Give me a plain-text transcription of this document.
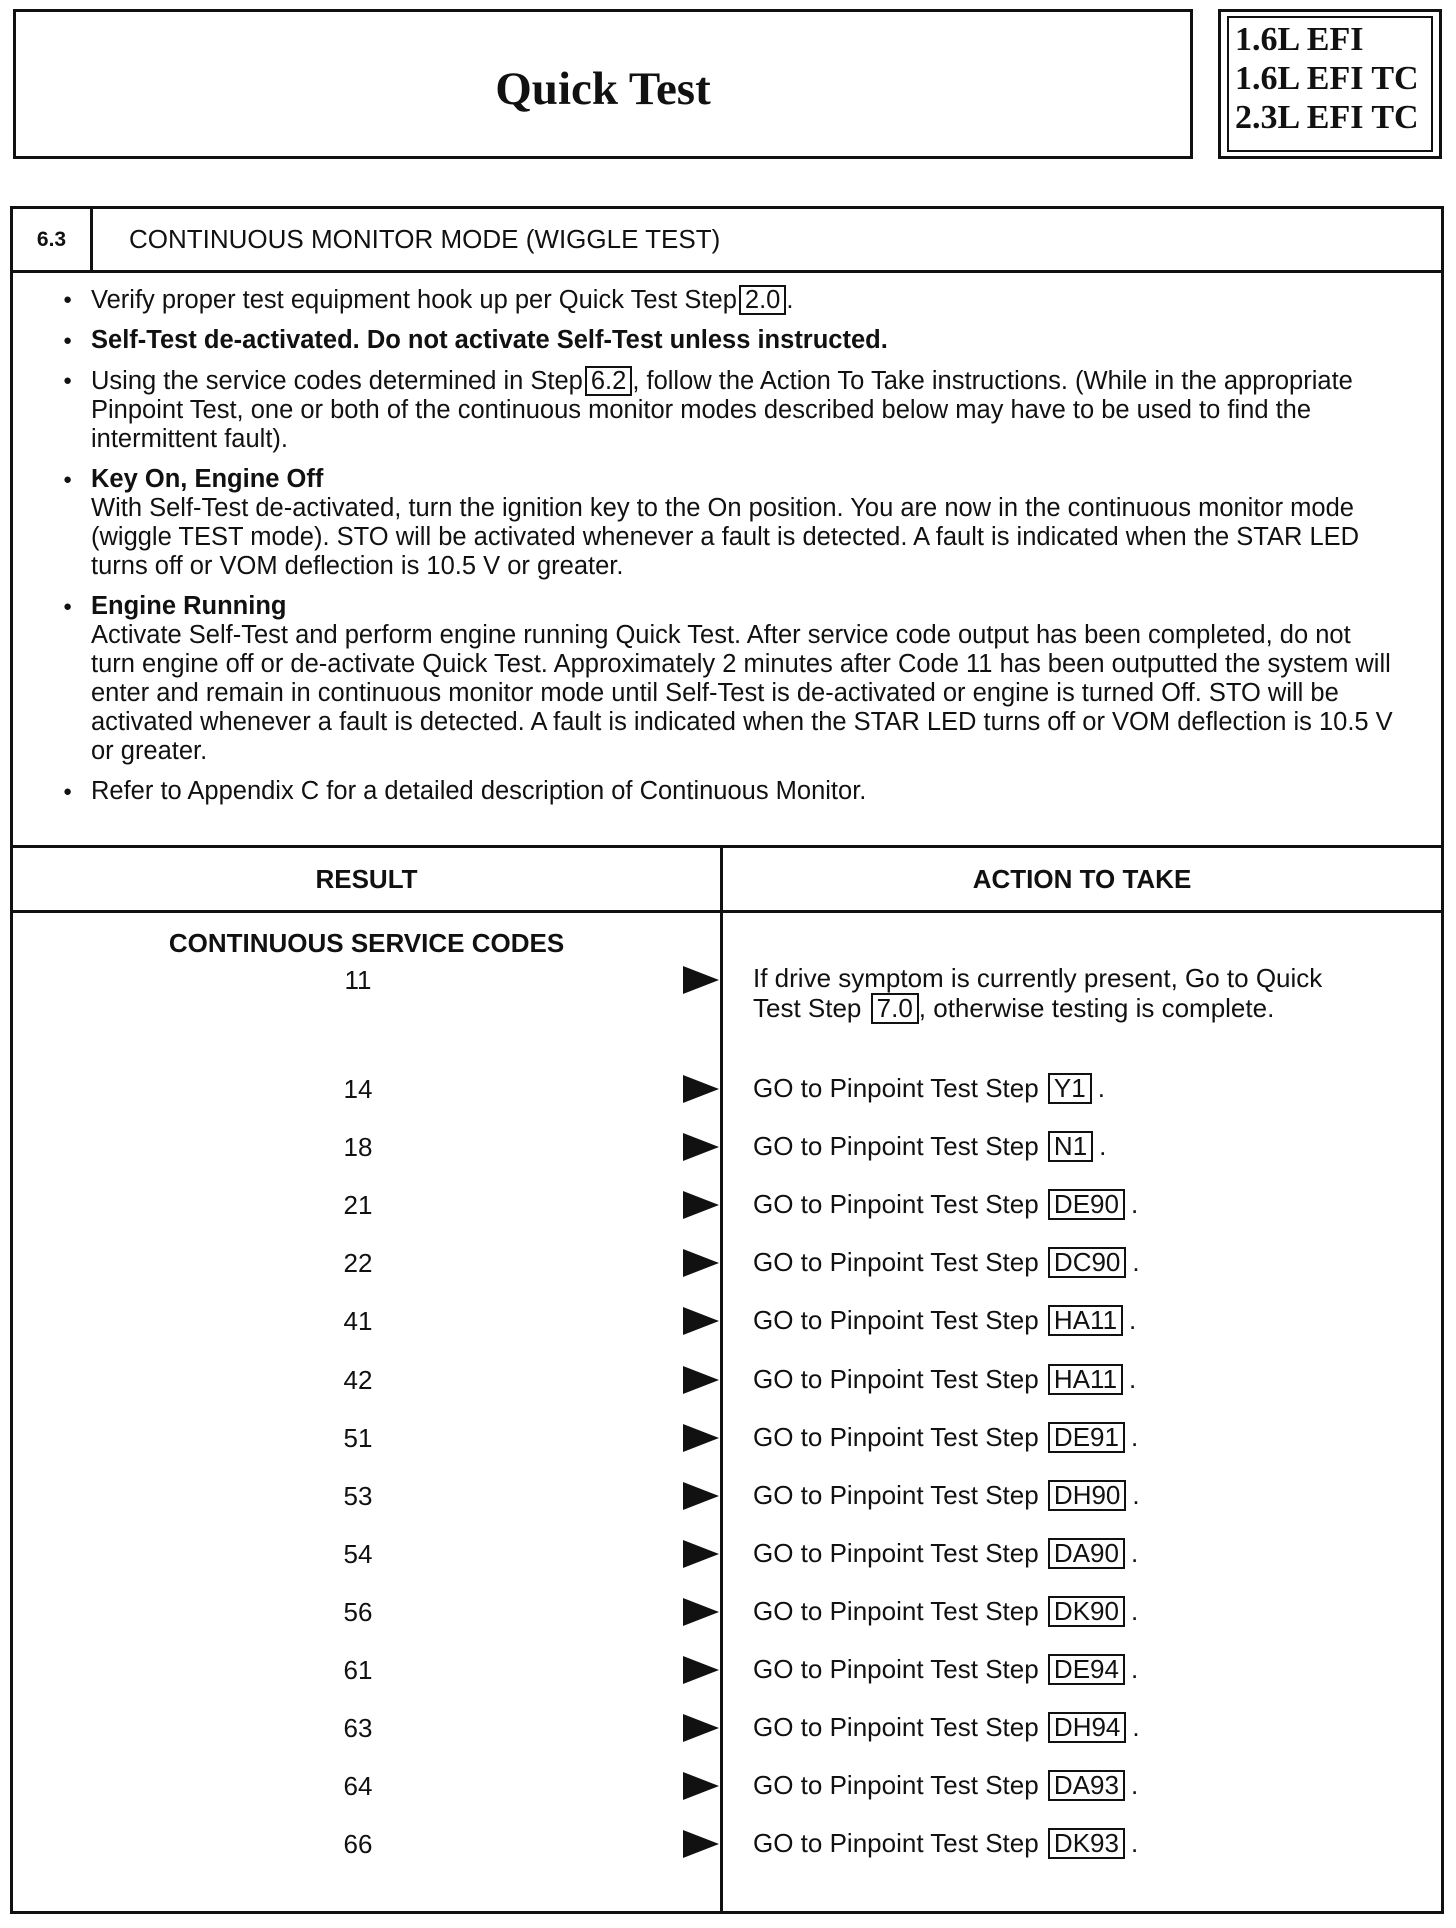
Quick Test
1.6L EFI
1.6L EFI TC
2.3L EFI TC
6.3	CONTINUOUS MONITOR MODE (WIGGLE TEST)
● Verify proper test equipment hook up per Quick Test Step 2.0 .
● Self-Test de-activated. Do not activate Self-Test unless instructed.
● Using the service codes determined in Step 6.2 , follow the Action To Take instructions. (While in the appropriate Pinpoint Test, one or both of the continuous monitor modes described below may have to be used to find the intermittent fault).
● Key On, Engine Off
With Self-Test de-activated, turn the ignition key to the On position. You are now in the continuous monitor mode (wiggle TEST mode). STO will be activated whenever a fault is detected. A fault is indicated when the STAR LED turns off or VOM deflection is 10.5 V or greater.
● Engine Running
Activate Self-Test and perform engine running Quick Test. After service code output has been completed, do not turn engine off or de-activate Quick Test. Approximately 2 minutes after Code 11 has been outputted the system will enter and remain in continuous monitor mode until Self-Test is de-activated or engine is turned Off. STO will be activated whenever a fault is detected. A fault is indicated when the STAR LED turns off or VOM deflection is 10.5 V or greater.
● Refer to Appendix C for a detailed description of Continuous Monitor.
RESULT	ACTION TO TAKE
CONTINUOUS SERVICE CODES
11	If drive symptom is currently present, Go to Quick Test Step 7.0 , otherwise testing is complete.
14	GO to Pinpoint Test Step Y1 .
18	GO to Pinpoint Test Step N1 .
21	GO to Pinpoint Test Step DE90 .
22	GO to Pinpoint Test Step DC90 .
41	GO to Pinpoint Test Step HA11 .
42	GO to Pinpoint Test Step HA11 .
51	GO to Pinpoint Test Step DE91 .
53	GO to Pinpoint Test Step DH90 .
54	GO to Pinpoint Test Step DA90 .
56	GO to Pinpoint Test Step DK90 .
61	GO to Pinpoint Test Step DE94 .
63	GO to Pinpoint Test Step DH94 .
64	GO to Pinpoint Test Step DA93 .
66	GO to Pinpoint Test Step DK93 .
